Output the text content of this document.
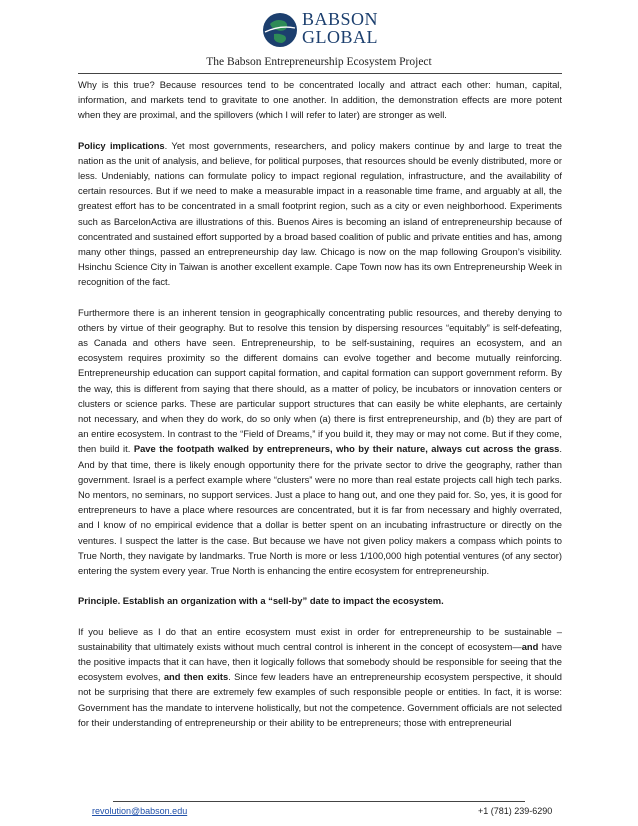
BABSON
GLOBAL
The Babson Entrepreneurship Ecosystem Project

Why is this true? Because resources tend to be concentrated locally and attract each other: human, capital, information, and markets tend to gravitate to one another. In addition, the demonstration effects are more potent when they are proximal, and the spillovers (which I will refer to later) are stronger as well.

Policy implications. Yet most governments, researchers, and policy makers continue by and large to treat the nation as the unit of analysis, and believe, for political purposes, that resources should be evenly distributed, more or less. Undeniably, nations can formulate policy to impact regional regulation, infrastructure, and the availability of certain resources. But if we need to make a measurable impact in a reasonable time frame, and arguably at all, the greatest effort has to be concentrated in a small footprint region, such as a city or even neighborhood. Experiments such as BarcelonActiva are illustrations of this. Buenos Aires is becoming an island of entrepreneurship because of concentrated and sustained effort supported by a broad based coalition of public and private entities and has, among many other things, passed an entrepreneurship day law. Chicago is now on the map following Groupon’s visibility. Hsinchu Science City in Taiwan is another excellent example. Cape Town now has its own Entrepreneurship Week in recognition of the fact.

Furthermore there is an inherent tension in geographically concentrating public resources, and thereby denying to others by virtue of their geography. But to resolve this tension by dispersing resources “equitably” is self-defeating, as Canada and others have seen. Entrepreneurship, to be self-sustaining, requires an ecosystem, and an ecosystem requires proximity so the different domains can evolve together and become mutually reinforcing. Entrepreneurship education can support capital formation, and capital formation can support government reform. By the way, this is different from saying that there should, as a matter of policy, be incubators or innovation centers or clusters or science parks. These are particular support structures that can easily be white elephants, are certainly not necessary, and when they do work, do so only when (a) there is first entrepreneurship, and (b) they are part of an entire ecosystem. In contrast to the “Field of Dreams,” if you build it, they may or may not come. But if they come, then build it. Pave the footpath walked by entrepreneurs, who by their nature, always cut across the grass. And by that time, there is likely enough opportunity there for the private sector to drive the geography, rather than government. Israel is a perfect example where “clusters” were no more than real estate projects call high tech parks. No mentors, no seminars, no support services. Just a place to hang out, and one they paid for. So, yes, it is good for entrepreneurs to have a place where resources are concentrated, but it is far from necessary and highly overrated, and I know of no empirical evidence that a dollar is better spent on an incubating infrastructure or directly on the ventures. I suspect the latter is the case. But because we have not given policy makers a compass which points to True North, they navigate by landmarks. True North is more or less 1/100,000 high potential ventures (of any sector) entering the system every year. True North is enhancing the entire ecosystem for entrepreneurship.

Principle. Establish an organization with a “sell-by” date to impact the ecosystem.

If you believe as I do that an entire ecosystem must exist in order for entrepreneurship to be sustainable – sustainability that ultimately exists without much central control is inherent in the concept of ecosystem—and have the positive impacts that it can have, then it logically follows that somebody should be responsible for seeing that the ecosystem evolves, and then exits. Since few leaders have an entrepreneurship ecosystem perspective, it should not be surprising that there are extremely few examples of such responsible people or entities. In fact, it is worse: Government has the mandate to intervene holistically, but not the competence. Government officials are not selected for their understanding of entrepreneurship or their ability to be entrepreneurs; those with entrepreneurial

revolution@babson.edu	+1 (781) 239-6290
